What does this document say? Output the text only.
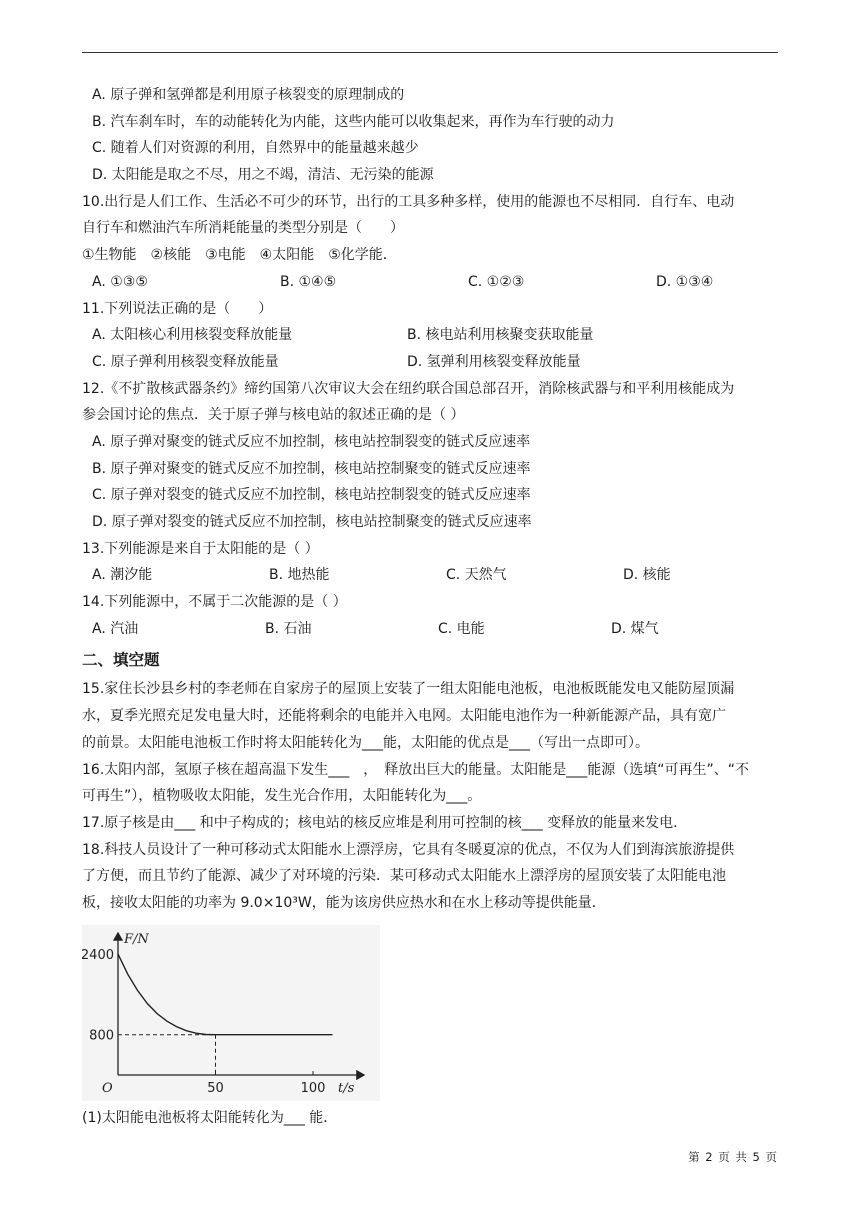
A. 原子弹和氢弹都是利用原子核裂变的原理制成的
B. 汽车刹车时，车的动能转化为内能，这些内能可以收集起来，再作为车行驶的动力
C. 随着人们对资源的利用，自然界中的能量越来越少
D. 太阳能是取之不尽，用之不竭，清洁、无污染的能源
10.出行是人们工作、生活必不可少的环节，出行的工具多种多样，使用的能源也不尽相同．自行车、电动
自行车和燃油汽车所消耗能量的类型分别是（　　）
①生物能　②核能　③电能　④太阳能　⑤化学能．
A. ①③⑤	B. ①④⑤	C. ①②③	D. ①③④
11.下列说法正确的是（　　）
A. 太阳核心利用核裂变释放能量	B. 核电站利用核聚变获取能量
C. 原子弹利用核裂变释放能量	D. 氢弹利用核裂变释放能量
12.《不扩散核武器条约》缔约国第八次审议大会在纽约联合国总部召开，消除核武器与和平利用核能成为
参会国讨论的焦点．关于原子弹与核电站的叙述正确的是（ ）
A. 原子弹对聚变的链式反应不加控制，核电站控制裂变的链式反应速率
B. 原子弹对聚变的链式反应不加控制，核电站控制聚变的链式反应速率
C. 原子弹对裂变的链式反应不加控制，核电站控制裂变的链式反应速率
D. 原子弹对裂变的链式反应不加控制，核电站控制聚变的链式反应速率
13.下列能源是来自于太阳能的是（ ）
A. 潮汐能	B. 地热能	C. 天然气	D. 核能
14.下列能源中，不属于二次能源的是（ ）
A. 汽油	B. 石油	C. 电能	D. 煤气
二、填空题
15.家住长沙县乡村的李老师在自家房子的屋顶上安装了一组太阳能电池板，电池板既能发电又能防屋顶漏
水，夏季光照充足发电量大时，还能将剩余的电能并入电网。太阳能电池作为一种新能源产品，具有宽广
的前景。太阳能电池板工作时将太阳能转化为___能，太阳能的优点是___（写出一点即可）。
16.太阳内部，氢原子核在超高温下发生___　，　释放出巨大的能量。太阳能是___能源（选填“可再生”、“不
可再生”），植物吸收太阳能，发生光合作用，太阳能转化为___。
17.原子核是由___ 和中子构成的；核电站的核反应堆是利用可控制的核___ 变释放的能量来发电．
18.科技人员设计了一种可移动式太阳能水上漂浮房，它具有冬暖夏凉的优点，不仅为人们到海滨旅游提供
了方便，而且节约了能源、减少了对环境的污染．某可移动式太阳能水上漂浮房的屋顶安装了太阳能电池
板，接收太阳能的功率为 9.0×10³W，能为该房供应热水和在水上移动等提供能量．
800
2400
50	100
F/N
t/s
O
(1)太阳能电池板将太阳能转化为___ 能．
第 2 页 共 5 页
